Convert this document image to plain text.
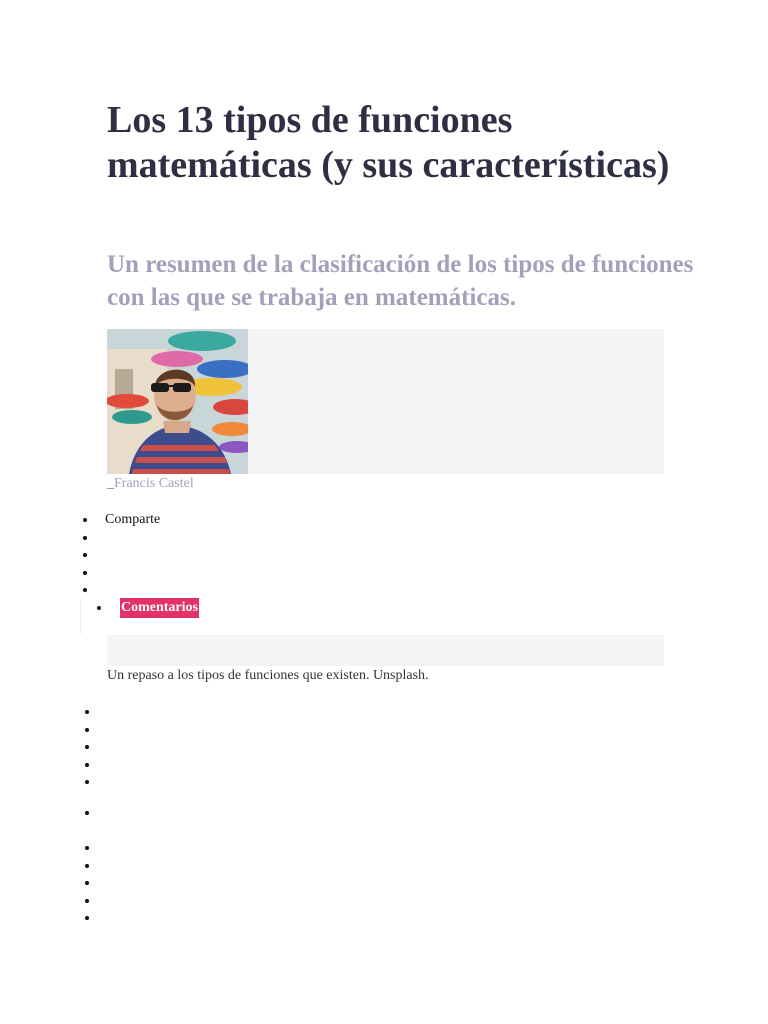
Los 13 tipos de funciones matemáticas (y sus características)
Un resumen de la clasificación de los tipos de funciones con las que se trabaja en matemáticas.
_Francis Castel
Comparte
Comentarios
Un repaso a los tipos de funciones que existen. Unsplash.
